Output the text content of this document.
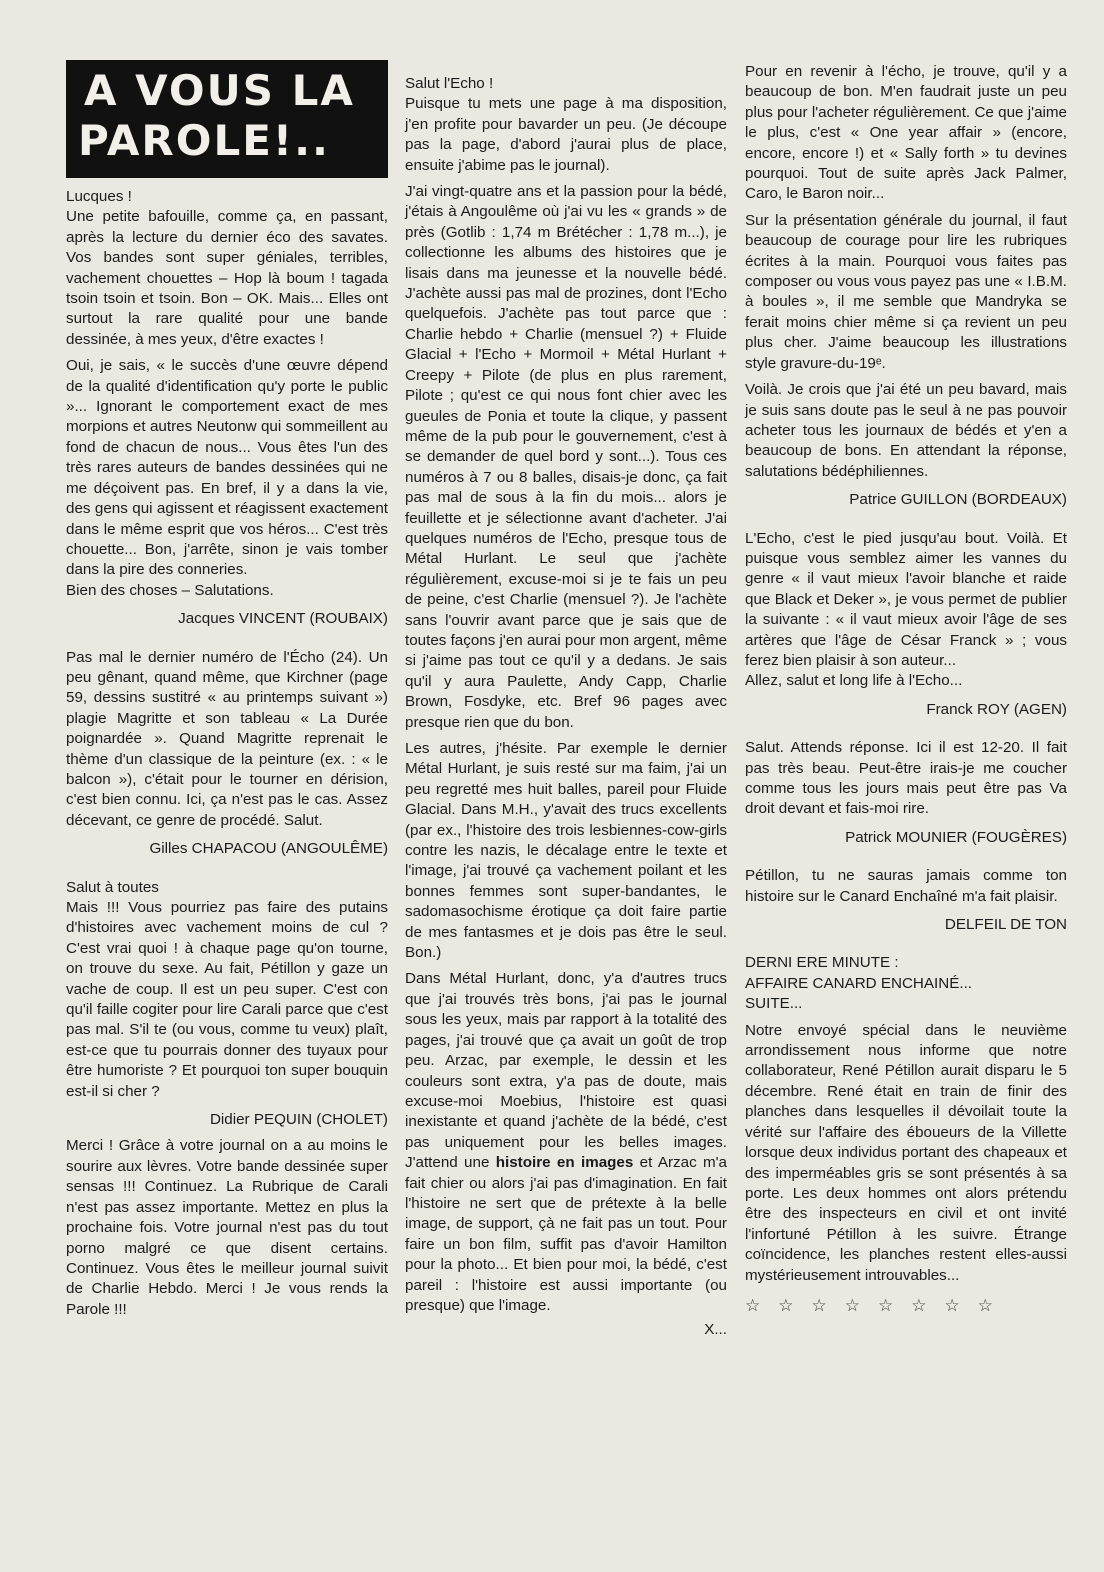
A VOUS LA
PAROLE!..

Lucques !

Une petite bafouille, comme ça, en passant, après la lecture du dernier éco des savates. Vos bandes sont super géniales, terribles, vachement chouettes – Hop là boum ! tagada tsoin tsoin et tsoin. Bon – OK. Mais... Elles ont surtout la rare qualité pour une bande dessinée, à mes yeux, d'être exactes !

Oui, je sais, « le succès d'une œuvre dépend de la qualité d'identification qu'y porte le public »... Ignorant le comportement exact de mes morpions et autres Neutonw qui sommeillent au fond de chacun de nous... Vous êtes l'un des très rares auteurs de bandes dessinées qui ne me déçoivent pas. En bref, il y a dans la vie, des gens qui agissent et réagissent exactement dans le même esprit que vos héros... C'est très chouette... Bon, j'arrête, sinon je vais tomber dans la pire des conneries.

Bien des choses – Salutations.

Jacques VINCENT (ROUBAIX)

Pas mal le dernier numéro de l'Écho (24). Un peu gênant, quand même, que Kirchner (page 59, dessins sustitré « au printemps suivant ») plagie Magritte et son tableau « La Durée poignardée ». Quand Magritte reprenait le thème d'un classique de la peinture (ex. : « le balcon »), c'était pour le tourner en dérision, c'est bien connu. Ici, ça n'est pas le cas. Assez décevant, ce genre de procédé. Salut.

Gilles CHAPACOU (ANGOULÊME)

Salut à toutes

Mais !!! Vous pourriez pas faire des putains d'histoires avec vachement moins de cul ? C'est vrai quoi ! à chaque page qu'on tourne, on trouve du sexe. Au fait, Pétillon y gaze un vache de coup. Il est un peu super. C'est con qu'il faille cogiter pour lire Carali parce que c'est pas mal. S'il te (ou vous, comme tu veux) plaît, est-ce que tu pourrais donner des tuyaux pour être humoriste ? Et pourquoi ton super bouquin est-il si cher ?

Didier PEQUIN (CHOLET)

Merci ! Grâce à votre journal on a au moins le sourire aux lèvres. Votre bande dessinée super sensas !!! Continuez. La Rubrique de Carali n'est pas assez importante. Mettez en plus la prochaine fois. Votre journal n'est pas du tout porno malgré ce que disent certains. Continuez. Vous êtes le meilleur journal suivit de Charlie Hebdo. Merci ! Je vous rends la Parole !!!

Salut l'Echo !

Puisque tu mets une page à ma disposition, j'en profite pour bavarder un peu. (Je découpe pas la page, d'abord j'aurai plus de place, ensuite j'abime pas le journal).

J'ai vingt-quatre ans et la passion pour la bédé, j'étais à Angoulême où j'ai vu les « grands » de près (Gotlib : 1,74 m Brétécher : 1,78 m...), je collectionne les albums des histoires que je lisais dans ma jeunesse et la nouvelle bédé. J'achète aussi pas mal de prozines, dont l'Echo quelquefois. J'achète pas tout parce que : Charlie hebdo + Charlie (mensuel ?) + Fluide Glacial + l'Echo + Mormoil + Métal Hurlant + Creepy + Pilote (de plus en plus rarement, Pilote ; qu'est ce qui nous font chier avec les gueules de Ponia et toute la clique, y passent même de la pub pour le gouvernement, c'est à se demander de quel bord y sont...). Tous ces numéros à 7 ou 8 balles, disais-je donc, ça fait pas mal de sous à la fin du mois... alors je feuillette et je sélectionne avant d'acheter. J'ai quelques numéros de l'Echo, presque tous de Métal Hurlant. Le seul que j'achète régulièrement, excuse-moi si je te fais un peu de peine, c'est Charlie (mensuel ?). Je l'achète sans l'ouvrir avant parce que je sais que de toutes façons j'en aurai pour mon argent, même si j'aime pas tout ce qu'il y a dedans. Je sais qu'il y aura Paulette, Andy Capp, Charlie Brown, Fosdyke, etc. Bref 96 pages avec presque rien que du bon.

Les autres, j'hésite. Par exemple le dernier Métal Hurlant, je suis resté sur ma faim, j'ai un peu regretté mes huit balles, pareil pour Fluide Glacial. Dans M.H., y'avait des trucs excellents (par ex., l'histoire des trois lesbiennes-cow-girls contre les nazis, le décalage entre le texte et l'image, j'ai trouvé ça vachement poilant et les bonnes femmes sont super-bandantes, le sadomasochisme érotique ça doit faire partie de mes fantasmes et je dois pas être le seul. Bon.)

Dans Métal Hurlant, donc, y'a d'autres trucs que j'ai trouvés très bons, j'ai pas le journal sous les yeux, mais par rapport à la totalité des pages, j'ai trouvé que ça avait un goût de trop peu. Arzac, par exemple, le dessin et les couleurs sont extra, y'a pas de doute, mais excuse-moi Moebius, l'histoire est quasi inexistante et quand j'achète de la bédé, c'est pas uniquement pour les belles images. J'attend une histoire en images et Arzac m'a fait chier ou alors j'ai pas d'imagination. En fait l'histoire ne sert que de prétexte à la belle image, de support, çà ne fait pas un tout. Pour faire un bon film, suffit pas d'avoir Hamilton pour la photo... Et bien pour moi, la bédé, c'est pareil : l'histoire est aussi importante (ou presque) que l'image.

X...

Pour en revenir à l'écho, je trouve, qu'il y a beaucoup de bon. M'en faudrait juste un peu plus pour l'acheter régulièrement. Ce que j'aime le plus, c'est « One year affair » (encore, encore, encore !) et « Sally forth » tu devines pourquoi. Tout de suite après Jack Palmer, Caro, le Baron noir...

Sur la présentation générale du journal, il faut beaucoup de courage pour lire les rubriques écrites à la main. Pourquoi vous faites pas composer ou vous vous payez pas une « I.B.M. à boules », il me semble que Mandryka se ferait moins chier même si ça revient un peu plus cher. J'aime beaucoup les illustrations style gravure-du-19ᵉ.

Voilà. Je crois que j'ai été un peu bavard, mais je suis sans doute pas le seul à ne pas pouvoir acheter tous les journaux de bédés et y'en a beaucoup de bons. En attendant la réponse, salutations bédéphiliennes.

Patrice GUILLON (BORDEAUX)

L'Echo, c'est le pied jusqu'au bout. Voilà. Et puisque vous semblez aimer les vannes du genre « il vaut mieux l'avoir blanche et raide que Black et Deker », je vous permet de publier la suivante : « il vaut mieux avoir l'âge de ses artères que l'âge de César Franck » ; vous ferez bien plaisir à son auteur...

Allez, salut et long life à l'Echo...

Franck ROY (AGEN)

Salut. Attends réponse. Ici il est 12-20. Il fait pas très beau. Peut-être irais-je me coucher comme tous les jours mais peut être pas Va droit devant et fais-moi rire.

Patrick MOUNIER (FOUGÈRES)

Pétillon, tu ne sauras jamais comme ton histoire sur le Canard Enchaîné m'a fait plaisir.

DELFEIL DE TON

DERNI ERE MINUTE :

AFFAIRE CANARD ENCHAINÉ...

SUITE...

Notre envoyé spécial dans le neuvième arrondissement nous informe que notre collaborateur, René Pétillon aurait disparu le 5 décembre. René était en train de finir des planches dans lesquelles il dévoilait toute la vérité sur l'affaire des éboueurs de la Villette lorsque deux individus portant des chapeaux et des imperméables gris se sont présentés à sa porte. Les deux hommes ont alors prétendu être des inspecteurs en civil et ont invité l'infortuné Pétillon à les suivre. Étrange coïncidence, les planches restent elles-aussi mystérieusement introuvables...

☆☆☆☆☆☆☆☆
